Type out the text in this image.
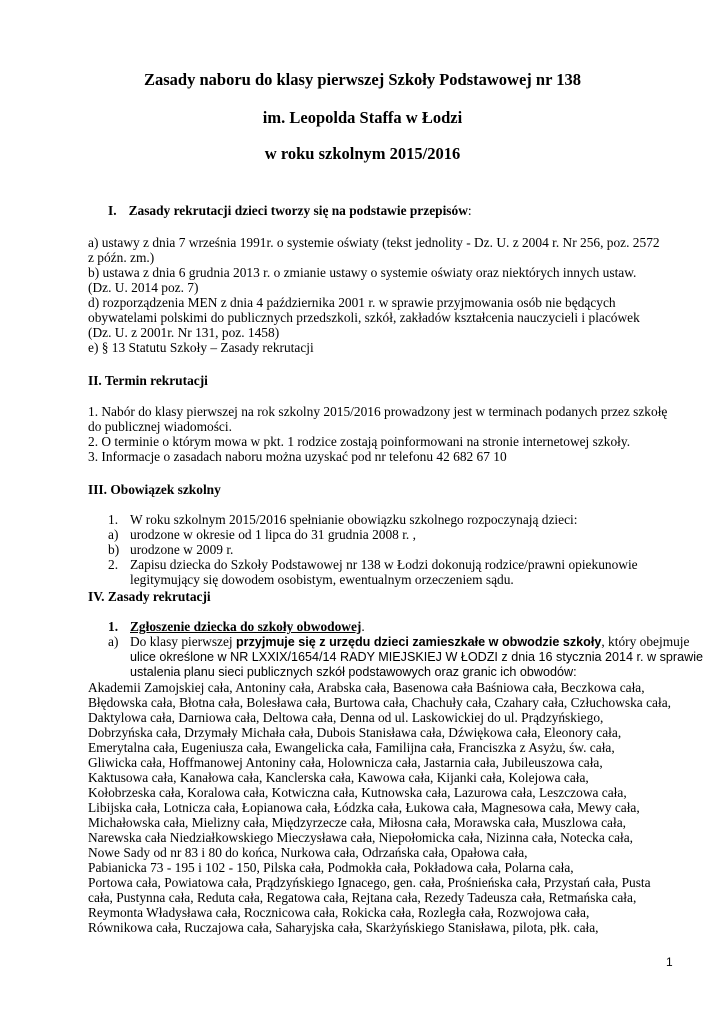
Zasady naboru do klasy pierwszej Szkoły Podstawowej nr 138
im. Leopolda Staffa w Łodzi
w roku szkolnym 2015/2016
I. Zasady rekrutacji dzieci tworzy się na podstawie przepisów:
a) ustawy z dnia 7 września 1991r. o systemie oświaty (tekst jednolity - Dz. U. z 2004 r. Nr 256, poz. 2572
z późn. zm.)
b) ustawa z dnia 6 grudnia 2013 r. o zmianie ustawy o systemie oświaty oraz niektórych innych ustaw.
(Dz. U. 2014 poz. 7)
d) rozporządzenia MEN z dnia 4 października 2001 r. w sprawie przyjmowania osób nie będących
obywatelami polskimi do publicznych przedszkoli, szkół, zakładów kształcenia nauczycieli i placówek
(Dz. U. z 2001r. Nr 131, poz. 1458)
e) § 13 Statutu Szkoły – Zasady rekrutacji
II. Termin rekrutacji
1. Nabór do klasy pierwszej na rok szkolny 2015/2016 prowadzony jest w terminach podanych przez szkołę
do publicznej wiadomości.
2. O terminie o którym mowa w pkt. 1 rodzice zostają poinformowani na stronie internetowej szkoły.
3. Informacje o zasadach naboru można uzyskać pod nr telefonu 42 682 67 10
III. Obowiązek szkolny
1. W roku szkolnym 2015/2016 spełnianie obowiązku szkolnego rozpoczynają dzieci:
a) urodzone w okresie od 1 lipca do 31 grudnia 2008 r. ,
b) urodzone w 2009 r.
2. Zapisu dziecka do Szkoły Podstawowej nr 138 w Łodzi dokonują rodzice/prawni opiekunowie
legitymujący się dowodem osobistym, ewentualnym orzeczeniem sądu.
IV. Zasady rekrutacji
1. Zgłoszenie dziecka do szkoły obwodowej.
a) Do klasy pierwszej przyjmuje się z urzędu dzieci zamieszkałe w obwodzie szkoły, który obejmuje
ulice określone w NR LXXIX/1654/14 RADY MIEJSKIEJ W ŁODZI z dnia 16 stycznia 2014 r. w sprawie
ustalenia planu sieci publicznych szkół podstawowych oraz granic ich obwodów:
Akademii Zamojskiej cała, Antoniny cała, Arabska cała, Basenowa cała Baśniowa cała, Beczkowa cała,
Błędowska cała, Błotna cała, Bolesława cała, Burtowa cała, Chachuły cała, Czahary cała, Człuchowska cała,
Daktylowa cała, Darniowa cała, Deltowa cała, Denna od ul. Laskowickiej do ul. Prądzyńskiego,
Dobrzyńska cała, Drzymały Michała cała, Dubois Stanisława cała, Dźwiękowa cała, Eleonory cała,
Emerytalna cała, Eugeniusza cała, Ewangelicka cała, Familijna cała, Franciszka z Asyżu, św. cała,
Gliwicka cała, Hoffmanowej Antoniny cała, Holownicza cała, Jastarnia cała, Jubileuszowa cała,
Kaktusowa cała, Kanałowa cała, Kanclerska cała, Kawowa cała, Kijanki cała, Kolejowa cała,
Kołobrzeska cała, Koralowa cała, Kotwiczna cała, Kutnowska cała, Lazurowa cała, Leszczowa cała,
Libijska cała, Lotnicza cała, Łopianowa cała, Łódzka cała, Łukowa cała, Magnesowa cała, Mewy cała,
Michałowska cała, Mielizny cała, Międzyrzecze cała, Miłosna cała, Morawska cała, Muszlowa cała,
Narewska cała Niedziałkowskiego Mieczysława cała, Niepołomicka cała, Nizinna cała, Notecka cała,
Nowe Sady od nr 83 i 80 do końca, Nurkowa cała, Odrzańska cała, Opałowa cała,
Pabianicka 73 - 195 i 102 - 150, Pilska cała, Podmokła cała, Pokładowa cała, Polarna cała,
Portowa cała, Powiatowa cała, Prądzyńskiego Ignacego, gen. cała, Prośnieńska cała, Przystań cała, Pusta
cała, Pustynna cała, Reduta cała, Regatowa cała, Rejtana cała, Rezedy Tadeusza cała, Retmańska cała,
Reymonta Władysława cała, Rocznicowa cała, Rokicka cała, Rozległa cała, Rozwojowa cała,
Równikowa cała, Ruczajowa cała, Saharyjska cała, Skarżyńskiego Stanisława, pilota, płk. cała,
1
